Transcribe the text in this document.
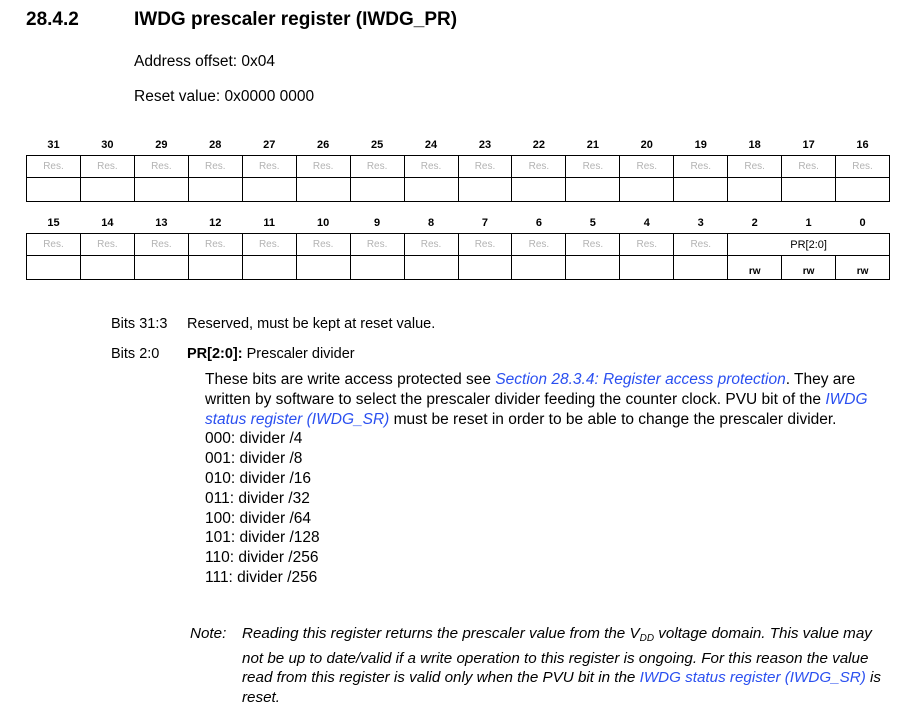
28.4.2	IWDG prescaler register (IWDG_PR)
Address offset: 0x04
Reset value: 0x0000 0000
31	30	29	28	27	26	25	24	23	22	21	20	19	18	17	16
Res.	Res.	Res.	Res.	Res.	Res.	Res.	Res.	Res.	Res.	Res.	Res.	Res.	Res.	Res.	Res.

15	14	13	12	11	10	9	8	7	6	5	4	3	2	1	0
Res.	Res.	Res.	Res.	Res.	Res.	Res.	Res.	Res.	Res.	Res.	Res.	Res.	PR[2:0]		
													rw	rw	rw
Bits 31:3 Reserved, must be kept at reset value.
Bits 2:0 PR[2:0]: Prescaler divider

These bits are write access protected see Section 28.3.4: Register access protection. They are written by software to select the prescaler divider feeding the counter clock. PVU bit of the IWDG status register (IWDG_SR) must be reset in order to be able to change the prescaler divider.

000: divider /4
001: divider /8
010: divider /16
011: divider /32
100: divider /64
101: divider /128
110: divider /256
111: divider /256
Note:	Reading this register returns the prescaler value from the $V_{DD}$ voltage domain. This value may not be up to date/valid if a write operation to this register is ongoing. For this reason the value read from this register is valid only when the PVU bit in the IWDG status register (IWDG_SR) is reset.
